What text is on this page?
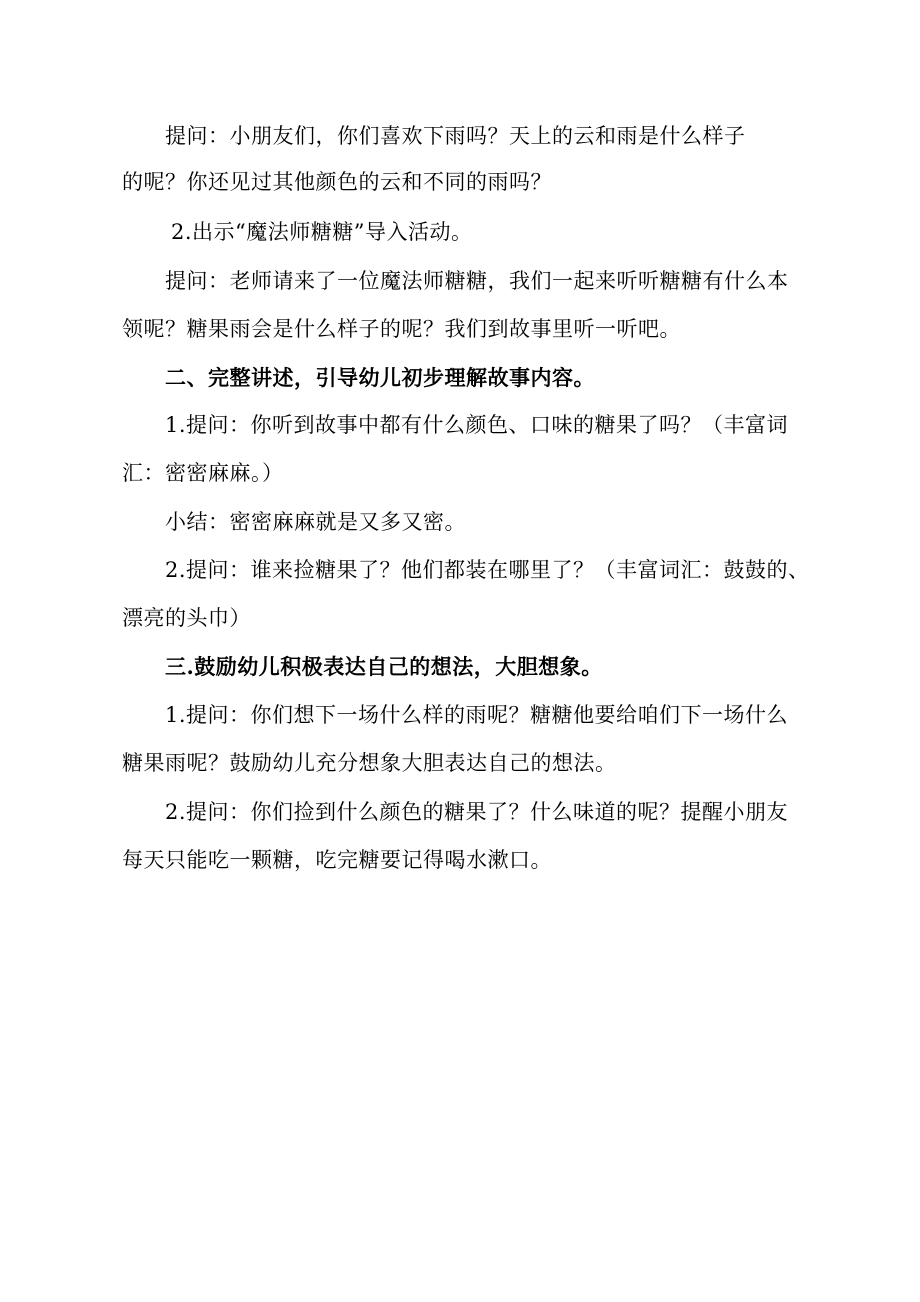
提问：小朋友们，你们喜欢下雨吗？天上的云和雨是什么样子
的呢？你还见过其他颜色的云和不同的雨吗？
2.出示“魔法师糖糖”导入活动。
提问：老师请来了一位魔法师糖糖，我们一起来听听糖糖有什么本
领呢？糖果雨会是什么样子的呢？我们到故事里听一听吧。
二、完整讲述，引导幼儿初步理解故事内容。
1.提问：你听到故事中都有什么颜色、口味的糖果了吗？（丰富词
汇：密密麻麻。）
小结：密密麻麻就是又多又密。
2.提问：谁来捡糖果了？他们都装在哪里了？（丰富词汇：鼓鼓的、
漂亮的头巾）
三.鼓励幼儿积极表达自己的想法，大胆想象。
1.提问：你们想下一场什么样的雨呢？糖糖他要给咱们下一场什么
糖果雨呢？鼓励幼儿充分想象大胆表达自己的想法。
2.提问：你们捡到什么颜色的糖果了？什么味道的呢？提醒小朋友
每天只能吃一颗糖，吃完糖要记得喝水漱口。
